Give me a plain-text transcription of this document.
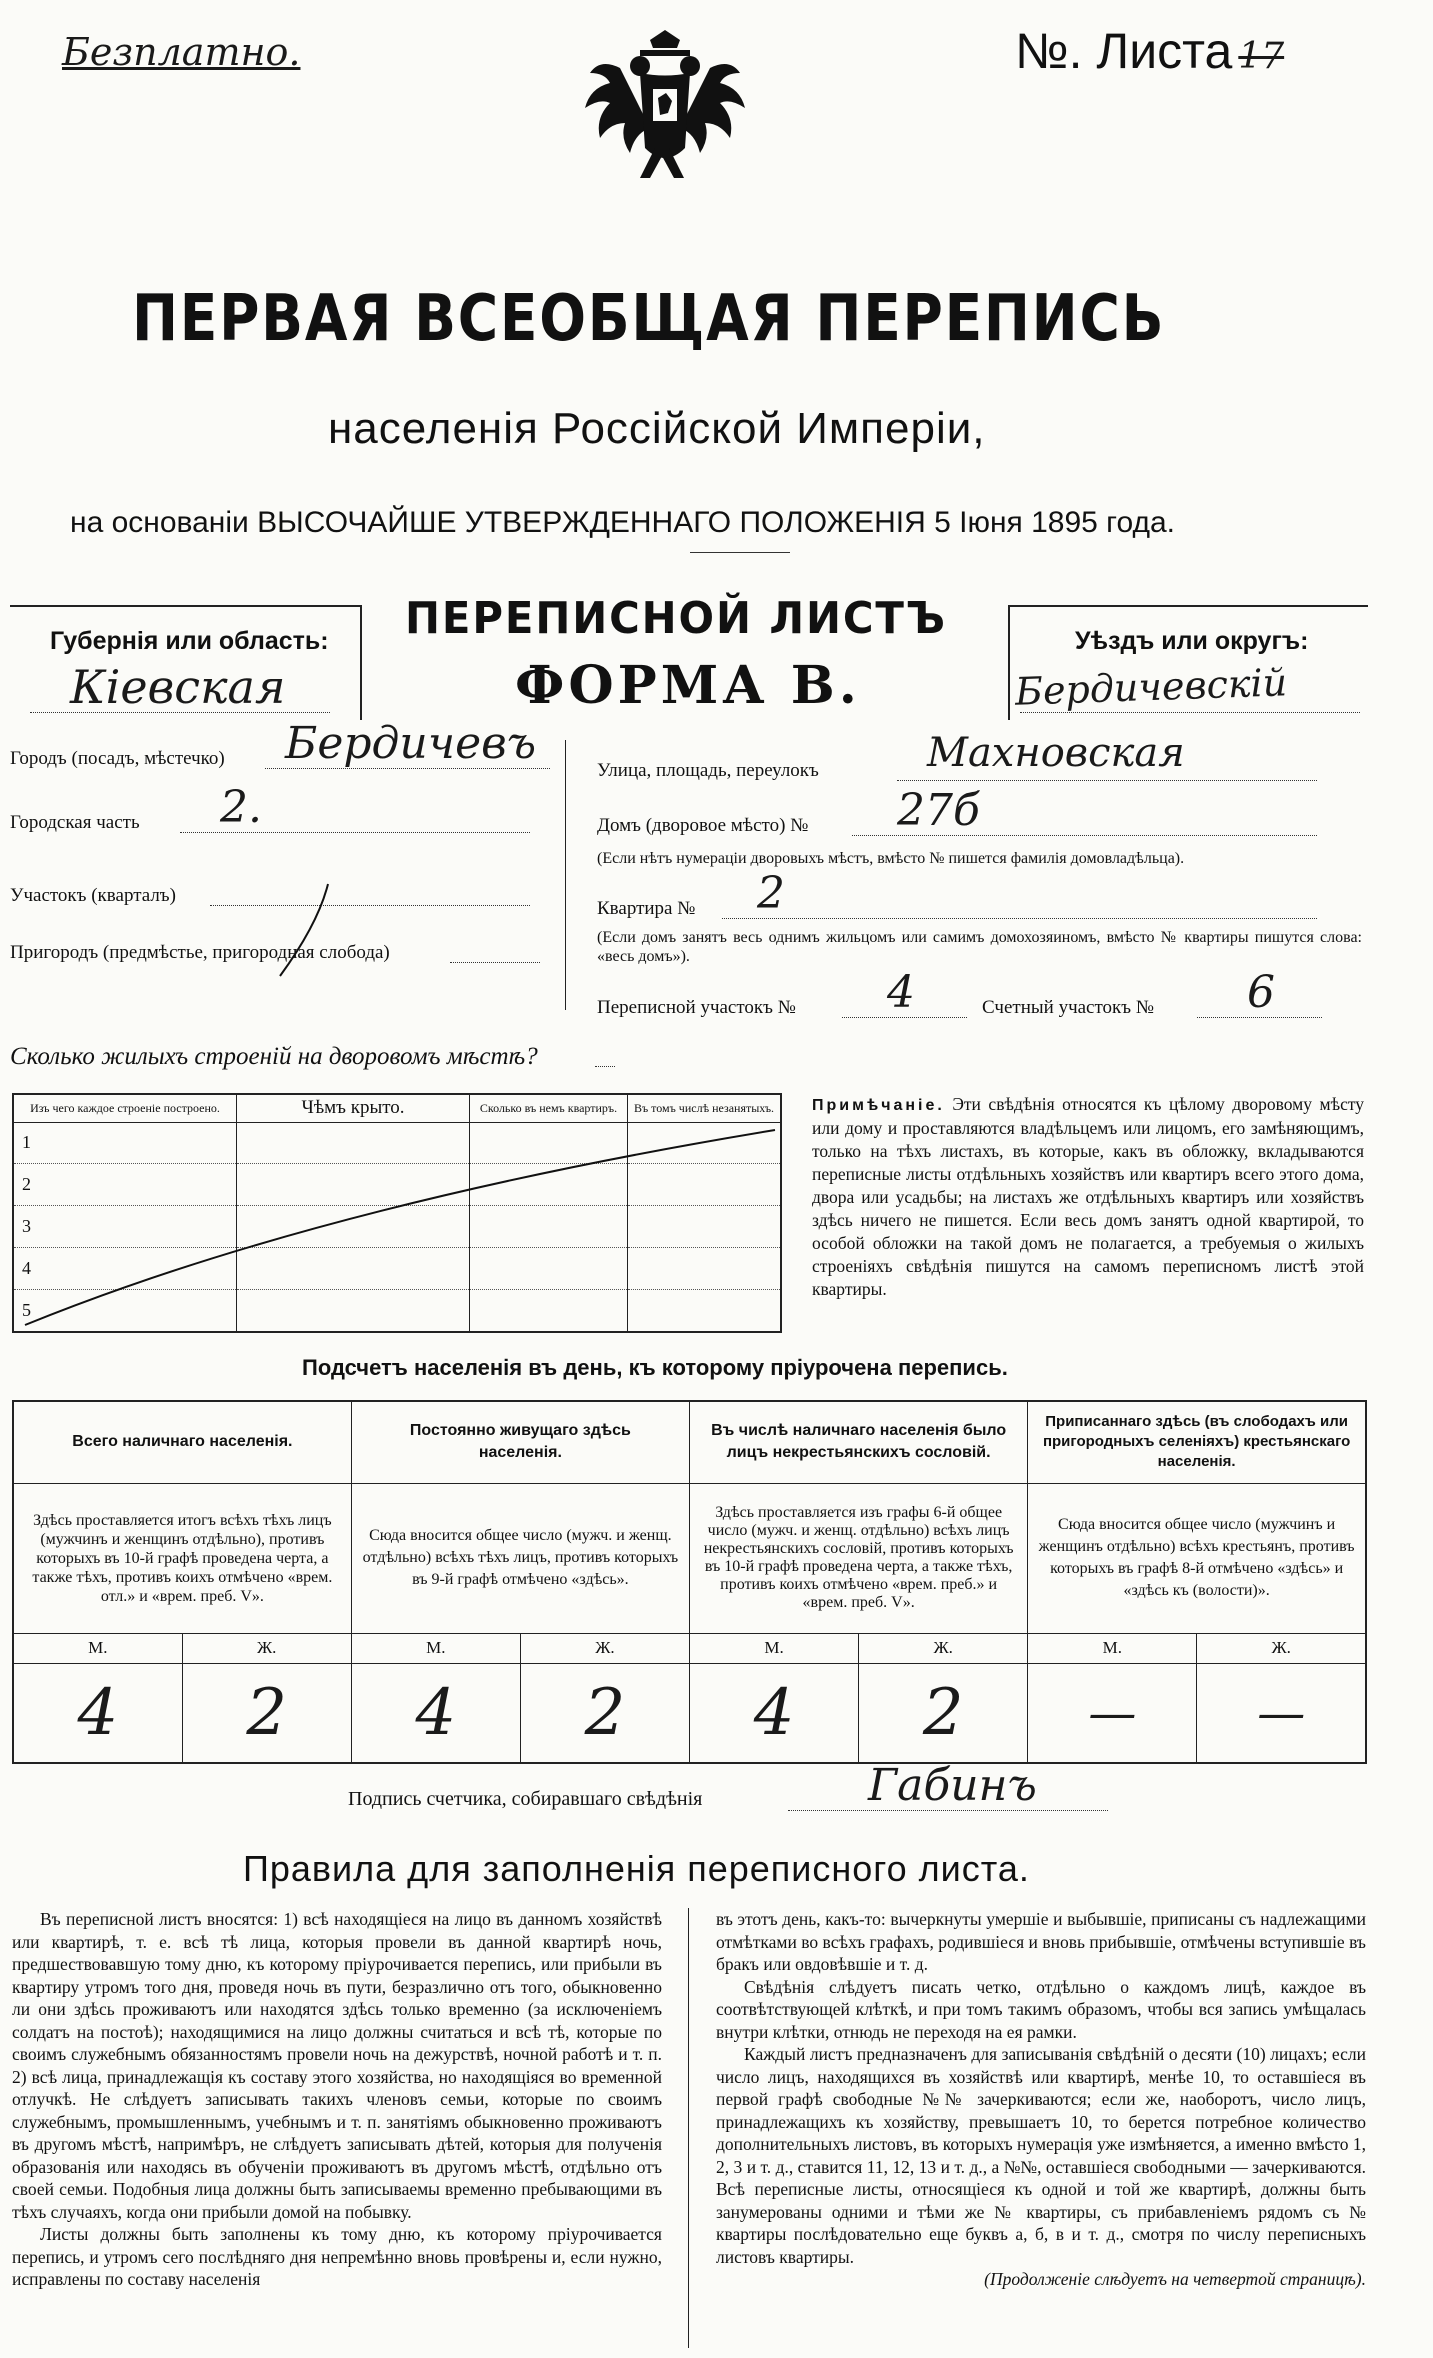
Безплатно.	№. Листа 17
ПЕРВАЯ ВСЕОБЩАЯ ПЕРЕПИСЬ
населенія Россійской Имперіи,
на основаніи ВЫСОЧАЙШЕ УТВЕРЖДЕННАГО ПОЛОЖЕНІЯ 5 Іюня 1895 года.
Губернія или область:
Кіевская
ПЕРЕПИСНОЙ ЛИСТЪ
ФОРМА В.
Уѣздъ или округъ:
Бердичевскій
Городъ (посадъ, мѣстечко) Бердичевъ
Городская часть 2.
Участокъ (кварталъ)
Пригородъ (предмѣстье, пригородная слобода)
Улица, площадь, переулокъ	Махновская
Домъ (дворовое мѣсто) № 27б
(Если нѣтъ нумераціи дворовыхъ мѣстъ, вмѣсто № пишется фамилія домовладѣльца).
Квартира № 2
(Если домъ занятъ весь однимъ жильцомъ или самимъ домохозяиномъ, вмѣсто № квартиры пишутся слова: «весь домъ»).
Переписной участокъ № 4	Счетный участокъ № 6
Сколько жилыхъ строеній на дворовомъ мѣстѣ?
Изъ чего каждое строеніе построено.	Чѣмъ крыто.	Сколько въ немъ квартиръ.	Въ томъ числѣ незанятыхъ.
1			
2			
3			
4			
5			
Примѣчаніе. Эти свѣдѣнія относятся къ цѣлому дворовому мѣсту или дому и проставляются владѣльцемъ или лицомъ, его замѣняющимъ, только на тѣхъ листахъ, въ которые, какъ въ обложку, вкладываются переписные листы отдѣльныхъ хозяйствъ или квартиръ всего этого дома, двора или усадьбы; на листахъ же отдѣльныхъ квартиръ или хозяйствъ здѣсь ничего не пишется. Если весь домъ занятъ одной квартирой, то особой обложки на такой домъ не полагается, а требуемыя о жилыхъ строеніяхъ свѣдѣнія пишутся на самомъ переписномъ листѣ этой квартиры.
Подсчетъ населенія въ день, къ которому пріурочена перепись.
Всего наличнаго населенія.		Постоянно живущаго здѣсь населенія.		Въ числѣ наличнаго населенія было лицъ некрестьянскихъ сословій.		Приписаннаго здѣсь (въ слободахъ или пригородныхъ селеніяхъ) крестьянскаго населенія.	
Здѣсь проставляется итогъ всѣхъ тѣхъ лицъ (мужчинъ и женщинъ отдѣльно), противъ которыхъ въ 10-й графѣ проведена черта, а также тѣхъ, противъ коихъ отмѣчено «врем. отл.» и «врем. преб. V».		Сюда вносится общее число (мужч. и женщ. отдѣльно) всѣхъ тѣхъ лицъ, противъ которыхъ въ 9-й графѣ отмѣчено «здѣсь».		Здѣсь проставляется изъ графы 6-й общее число (мужч. и женщ. отдѣльно) всѣхъ лицъ некрестьянскихъ сословій, противъ которыхъ въ 10-й графѣ проведена черта, а также тѣхъ, противъ коихъ отмѣчено «врем. преб.» и «врем. преб. V».		Сюда вносится общее число (мужчинъ и женщинъ отдѣльно) всѣхъ крестьянъ, противъ которыхъ въ графѣ 8-й отмѣчено «здѣсь» и «здѣсь къ (волости)».	
М.	Ж.	М.	Ж.	М.	Ж.	М.	Ж.
4	2	4	2	4	2	—	—
Подпись счетчика, собиравшаго свѣдѣнія	Габинъ
Правила для заполненія переписного листа.

Въ переписной листъ вносятся: 1) всѣ находящіеся на лицо въ данномъ хозяйствѣ или квартирѣ, т. е. всѣ тѣ лица, которыя провели въ данной квартирѣ ночь, предшествовавшую тому дню, къ которому пріурочивается перепись, или прибыли въ квартиру утромъ того дня, проведя ночь въ пути, безразлично отъ того, обыкновенно ли они здѣсь проживаютъ или находятся здѣсь только временно (за исключеніемъ солдатъ на постоѣ); находящимися на лицо должны считаться и всѣ тѣ, которые по своимъ служебнымъ обязанностямъ провели ночь на дежурствѣ, ночной работѣ и т. п. 2) всѣ лица, принадлежащія къ составу этого хозяйства, но находящіяся во временной отлучкѣ. Не слѣдуетъ записывать такихъ членовъ семьи, которые по своимъ служебнымъ, промышленнымъ, учебнымъ и т. п. занятіямъ обыкновенно проживаютъ въ другомъ мѣстѣ, напримѣръ, не слѣдуетъ записывать дѣтей, которыя для полученія образованія или находясь въ обученіи проживаютъ въ другомъ мѣстѣ, отдѣльно отъ своей семьи. Подобныя лица должны быть записываемы временно пребывающими въ тѣхъ случаяхъ, когда они прибыли домой на побывку.

Листы должны быть заполнены къ тому дню, къ которому пріурочивается перепись, и утромъ сего послѣдняго дня непремѣнно вновь провѣрены и, если нужно, исправлены по составу населенія

въ этотъ день, какъ-то: вычеркнуты умершіе и выбывшіе, приписаны съ надлежащими отмѣтками во всѣхъ графахъ, родившіеся и вновь прибывшіе, отмѣчены вступившіе въ бракъ или овдовѣвшіе и т. д.

Свѣдѣнія слѣдуетъ писать четко, отдѣльно о каждомъ лицѣ, каждое въ соотвѣтствующей клѣткѣ, и при томъ такимъ образомъ, чтобы вся запись умѣщалась внутри клѣтки, отнюдь не переходя на ея рамки.

Каждый листъ предназначенъ для записыванія свѣдѣній о десяти (10) лицахъ; если число лицъ, находящихся въ хозяйствѣ или квартирѣ, менѣе 10, то оставшіеся въ первой графѣ свободные №№ зачеркиваются; если же, наоборотъ, число лицъ, принадлежащихъ къ хозяйству, превышаетъ 10, то берется потребное количество дополнительныхъ листовъ, въ которыхъ нумерація уже измѣняется, а именно вмѣсто 1, 2, 3 и т. д., ставится 11, 12, 13 и т. д., а №№, оставшіеся свободными — зачеркиваются. Всѣ переписные листы, относящіеся къ одной и той же квартирѣ, должны быть занумерованы одними и тѣми же № квартиры, съ прибавленіемъ рядомъ съ № квартиры послѣдовательно еще буквъ а, б, в и т. д., смотря по числу переписныхъ листовъ квартиры.

(Продолженіе слѣдуетъ на четвертой страницѣ).
